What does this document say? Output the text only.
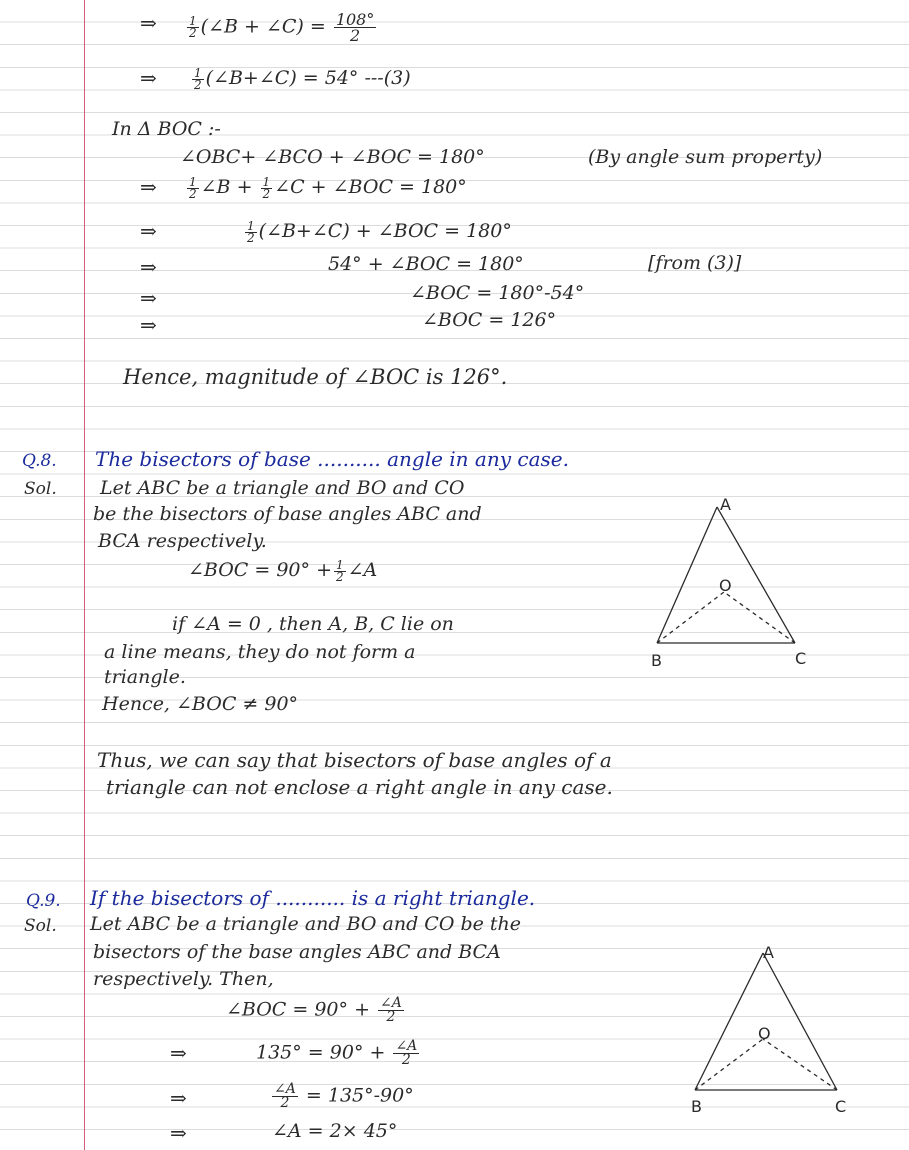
⇒	$\frac{1}{2}$ (∠B + ∠C) = $\frac{108^\circ}{2}$
⇒	$\frac{1}{2}$ (∠B+∠C) = 54° ---(3)
In Δ BOC :-
∠OBC+ ∠BCO + ∠BOC = 180°	(By angle sum property)
⇒	$\frac{1}{2}$ ∠B + $\frac{1}{2}$ ∠C + ∠BOC = 180°
⇒	$\frac{1}{2}$ (∠B+∠C) + ∠BOC = 180°
⇒	54° + ∠BOC = 180°	[from (3)]
⇒	∠BOC = 180°-54°
⇒	∠BOC = 126°
Hence, magnitude of ∠BOC is 126°.
Q.8. The bisectors of base .......... angle in any case.
Sol. Let ABC be a triangle and BO and CO
be the bisectors of base angles ABC and
BCA respectively.
∠BOC = $90^\circ + \frac{1}{2}$ ∠A
if ∠A = 0 , then A, B, C lie on
a line means, they do not form a
triangle.
Hence, ∠BOC ≠ 90°
Thus, we can say that bisectors of base angles of a
triangle can not enclose a right angle in any case.
A
B	C
O
Q.9. If the bisectors of ........... is a right triangle.
Sol. Let ABC be a triangle and BO and CO be the
bisectors of the base angles ABC and BCA
respectively. Then,
∠BOC = $90^\circ + \frac{\angle A}{2}$
⇒	$135^\circ = 90^\circ + \frac{\angle A}{2}$
⇒	$\frac{\angle A}{2} = 135^\circ-90^\circ$
⇒	∠A = 2× 45°
A
B	C
O
